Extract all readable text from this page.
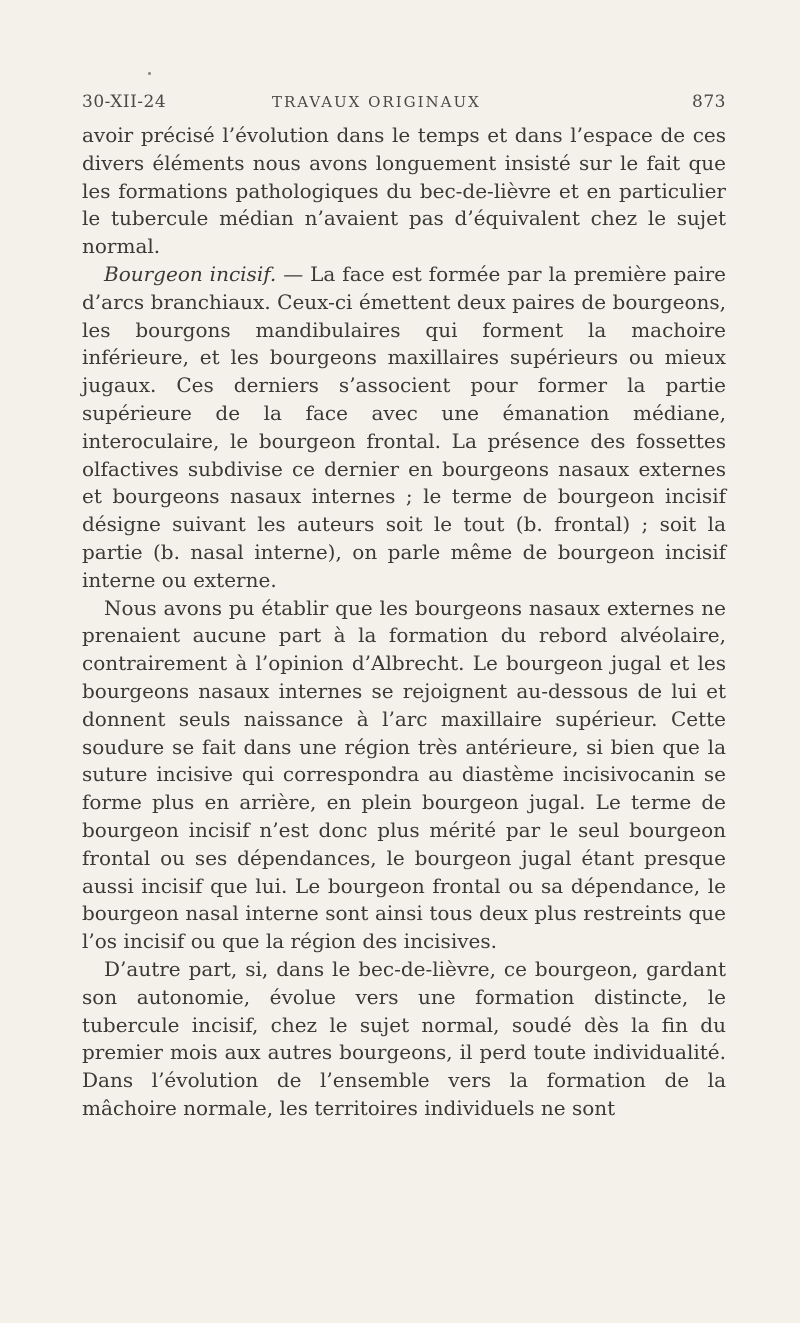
30-XII-24	TRAVAUX ORIGINAUX	873

avoir précisé l’évolution dans le temps et dans l’espace de ces divers éléments nous avons longuement insisté sur le fait que les formations pathologiques du bec-de-lièvre et en particulier le tubercule médian n’avaient pas d’équivalent chez le sujet normal.

Bourgeon incisif. — La face est formée par la première paire d’arcs branchiaux. Ceux-ci émettent deux paires de bourgeons, les bourgons mandibulaires qui forment la machoire inférieure, et les bourgeons maxillaires supérieurs ou mieux jugaux. Ces derniers s’associent pour former la partie supérieure de la face avec une émanation médiane, interoculaire, le bourgeon frontal. La présence des fossettes olfactives subdivise ce dernier en bourgeons nasaux externes et bourgeons nasaux internes ; le terme de bourgeon incisif désigne suivant les auteurs soit le tout (b. frontal) ; soit la partie (b. nasal interne), on parle même de bourgeon incisif interne ou externe.

Nous avons pu établir que les bourgeons nasaux externes ne prenaient aucune part à la formation du rebord alvéolaire, contrairement à l’opinion d’Albrecht. Le bourgeon jugal et les bourgeons nasaux internes se rejoignent au-dessous de lui et donnent seuls naissance à l’arc maxillaire supérieur. Cette soudure se fait dans une région très antérieure, si bien que la suture incisive qui correspondra au diastème incisivocanin se forme plus en arrière, en plein bourgeon jugal. Le terme de bourgeon incisif n’est donc plus mérité par le seul bourgeon frontal ou ses dépendances, le bourgeon jugal étant presque aussi incisif que lui. Le bourgeon frontal ou sa dépendance, le bourgeon nasal interne sont ainsi tous deux plus restreints que l’os incisif ou que la région des incisives.

D’autre part, si, dans le bec-de-lièvre, ce bourgeon, gardant son autonomie, évolue vers une formation distincte, le tubercule incisif, chez le sujet normal, soudé dès la fin du premier mois aux autres bourgeons, il perd toute individualité. Dans l’évolution de l’ensemble vers la formation de la mâchoire normale, les territoires individuels ne sont
